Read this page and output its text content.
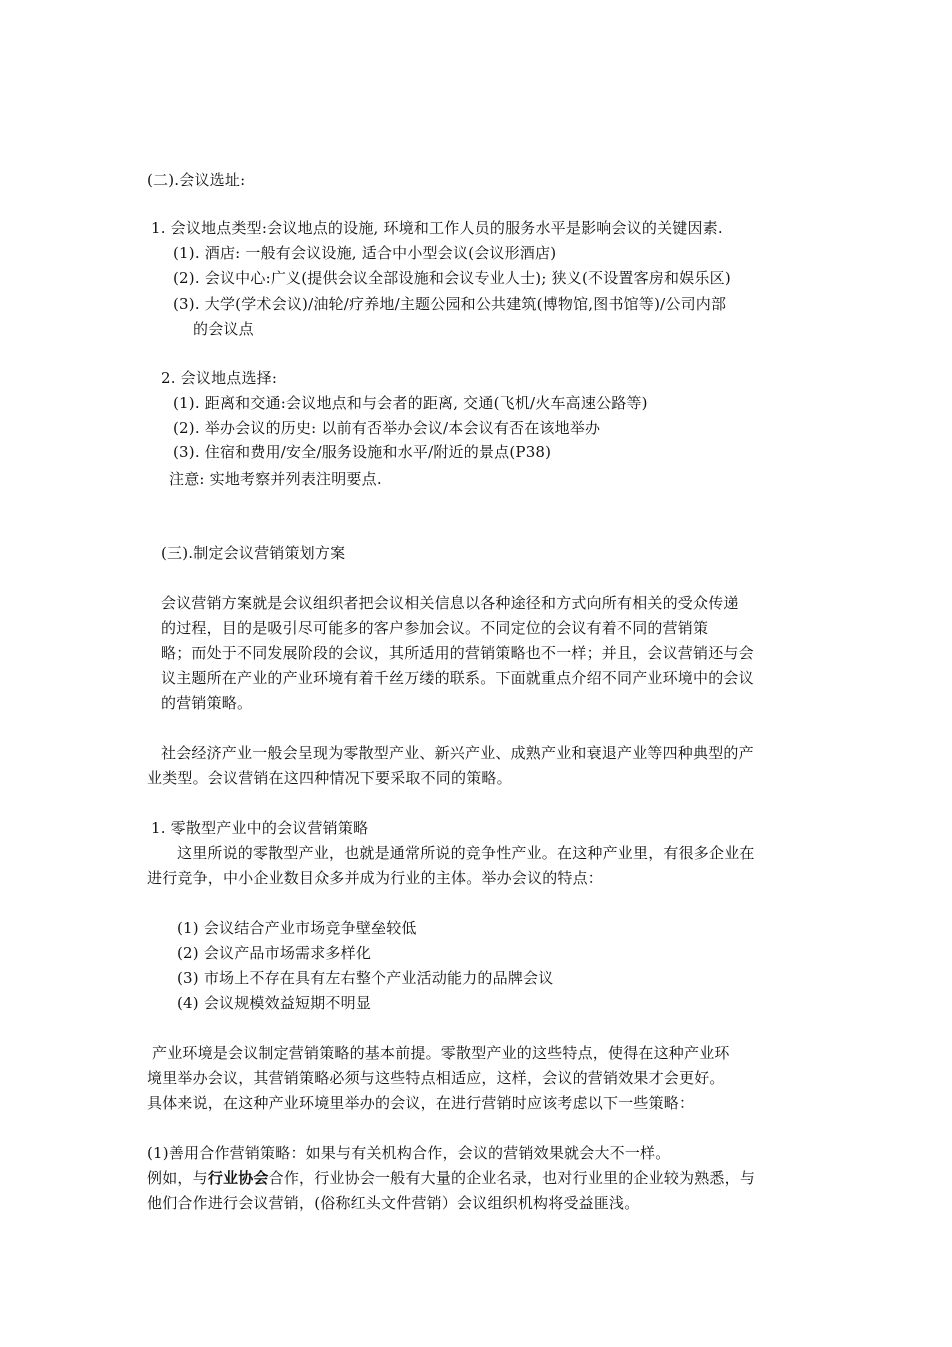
(二).会议选址:
1. 会议地点类型:会议地点的设施, 环境和工作人员的服务水平是影响会议的关键因素.
(1). 酒店: 一般有会议设施, 适合中小型会议(会议形酒店)
(2). 会议中心:广义(提供会议全部设施和会议专业人士); 狭义(不设置客房和娱乐区)
(3). 大学(学术会议)/油轮/疗养地/主题公园和公共建筑(博物馆,图书馆等)/公司内部
的会议点
2. 会议地点选择:
(1). 距离和交通:会议地点和与会者的距离, 交通(飞机/火车高速公路等)
(2). 举办会议的历史: 以前有否举办会议/本会议有否在该地举办
(3). 住宿和费用/安全/服务设施和水平/附近的景点(P38)
注意: 实地考察并列表注明要点.
(三).制定会议营销策划方案
会议营销方案就是会议组织者把会议相关信息以各种途径和方式向所有相关的受众传递
的过程，目的是吸引尽可能多的客户参加会议。不同定位的会议有着不同的营销策
略；而处于不同发展阶段的会议，其所适用的营销策略也不一样；并且，会议营销还与会
议主题所在产业的产业环境有着千丝万缕的联系。下面就重点介绍不同产业环境中的会议
的营销策略。
社会经济产业一般会呈现为零散型产业、新兴产业、成熟产业和衰退产业等四种典型的产
业类型。会议营销在这四种情况下要采取不同的策略。
1. 零散型产业中的会议营销策略
这里所说的零散型产业，也就是通常所说的竞争性产业。在这种产业里，有很多企业在
进行竞争，中小企业数目众多并成为行业的主体。举办会议的特点：
(1) 会议结合产业市场竞争壁垒较低
(2) 会议产品市场需求多样化
(3) 市场上不存在具有左右整个产业活动能力的品牌会议
(4) 会议规模效益短期不明显
产业环境是会议制定营销策略的基本前提。零散型产业的这些特点，使得在这种产业环
境里举办会议，其营销策略必须与这些特点相适应，这样，会议的营销效果才会更好。
具体来说，在这种产业环境里举办的会议，在进行营销时应该考虑以下一些策略：
(1)善用合作营销策略：如果与有关机构合作，会议的营销效果就会大不一样。
例如，与行业协会合作，行业协会一般有大量的企业名录，也对行业里的企业较为熟悉，与
他们合作进行会议营销，(俗称红头文件营销）会议组织机构将受益匪浅。
